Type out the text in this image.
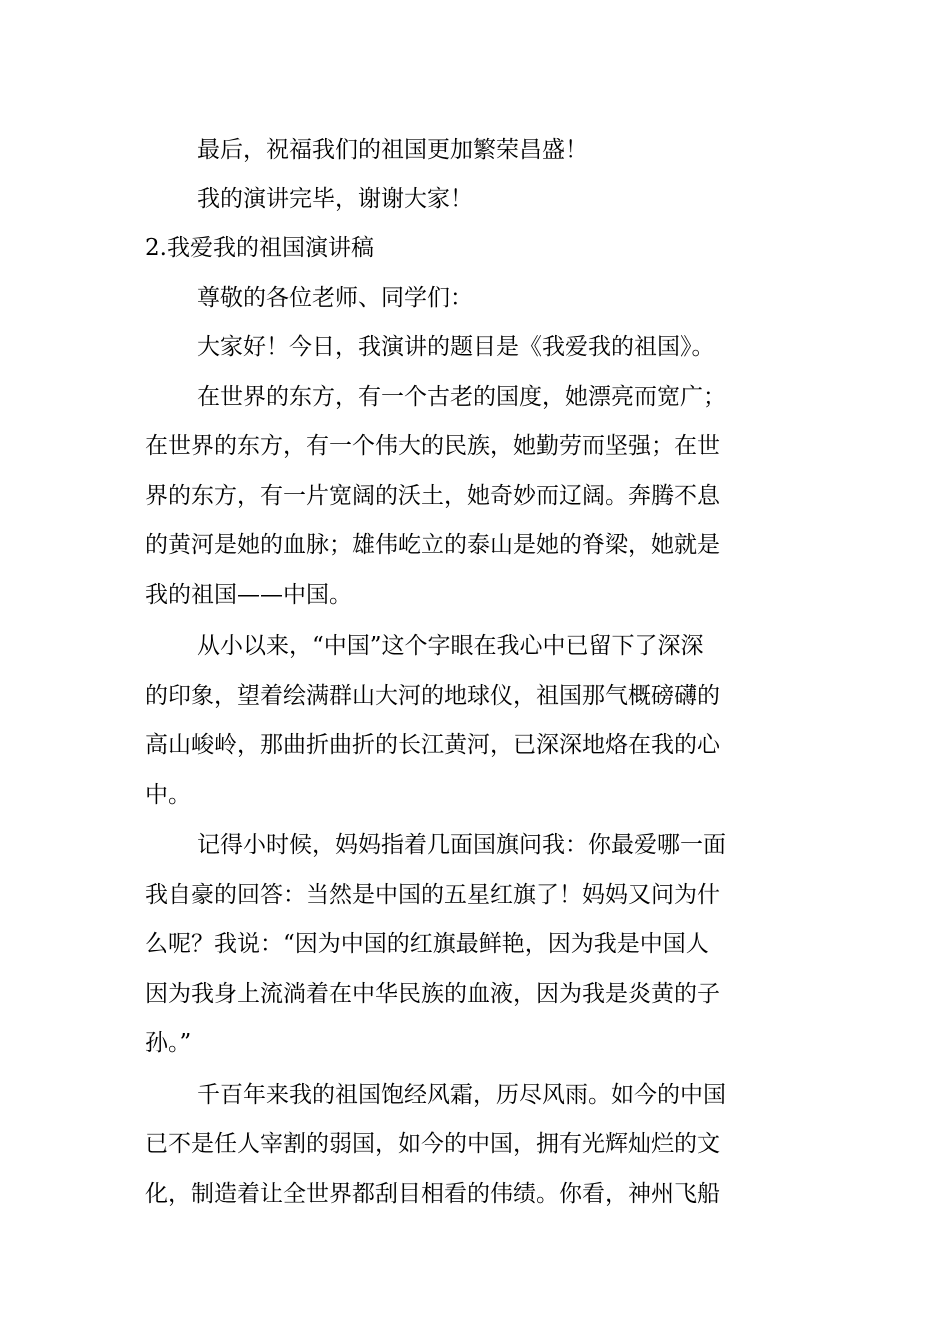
最后，祝福我们的祖国更加繁荣昌盛！
我的演讲完毕，谢谢大家！
2.我爱我的祖国演讲稿
尊敬的各位老师、同学们：
大家好！今日，我演讲的题目是《我爱我的祖国》。
在世界的东方，有一个古老的国度，她漂亮而宽广；
在世界的东方，有一个伟大的民族，她勤劳而坚强；在世
界的东方，有一片宽阔的沃土，她奇妙而辽阔。奔腾不息
的黄河是她的血脉；雄伟屹立的泰山是她的脊梁，她就是
我的祖国——中国。
从小以来，“中国”这个字眼在我心中已留下了深深
的印象，望着绘满群山大河的地球仪，祖国那气概磅礴的
高山峻岭，那曲折曲折的长江黄河，已深深地烙在我的心
中。
记得小时候，妈妈指着几面国旗问我：你最爱哪一面
我自豪的回答：当然是中国的五星红旗了！妈妈又问为什
么呢？我说：“因为中国的红旗最鲜艳，因为我是中国人
因为我身上流淌着在中华民族的血液，因为我是炎黄的子
孙。”
千百年来我的祖国饱经风霜，历尽风雨。如今的中国
已不是任人宰割的弱国，如今的中国，拥有光辉灿烂的文
化，制造着让全世界都刮目相看的伟绩。你看，神州飞船
